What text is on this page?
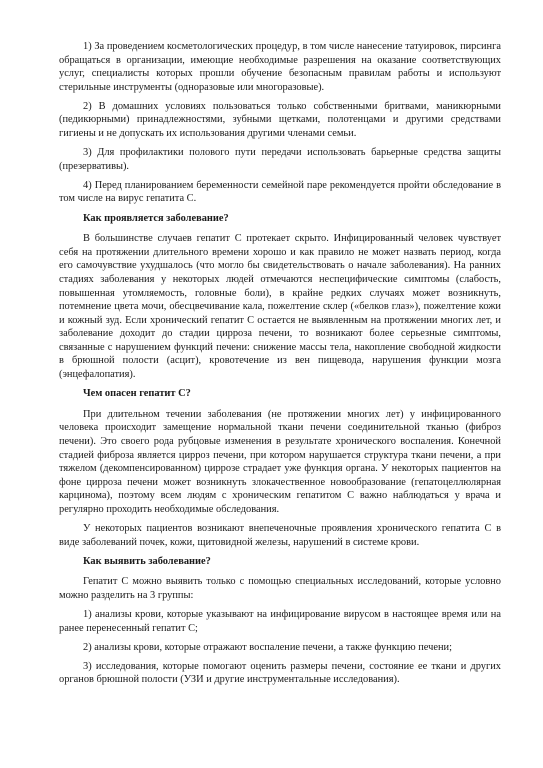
1) За проведением косметологических процедур, в том числе нанесение татуировок, пирсинга обращаться в организации, имеющие необходимые разрешения на оказание соответствующих услуг, специалисты которых прошли обучение безопасным правилам работы и используют стерильные инструменты (одноразовые или многоразовые).

2) В домашних условиях пользоваться только собственными бритвами, маникюрными (педикюрными) принадлежностями, зубными щетками, полотенцами и другими средствами гигиены и не допускать их использования другими членами семьи.

3) Для профилактики полового пути передачи использовать барьерные средства защиты (презервативы).

4) Перед планированием беременности семейной паре рекомендуется пройти обследование в том числе на вирус гепатита С.

Как проявляется заболевание?

В большинстве случаев гепатит С протекает скрыто. Инфицированный человек чувствует себя на протяжении длительного времени хорошо и как правило не может назвать период, когда его самочувствие ухудшалось (что могло бы свидетельствовать о начале заболевания). На ранних стадиях заболевания у некоторых людей отмечаются неспецифические симптомы (слабость, повышенная утомляемость, головные боли), в крайне редких случаях может возникнуть, потемнение цвета мочи, обесцвечивание кала, пожелтение склер («белков глаз»), пожелтение кожи и кожный зуд. Если хронический гепатит С остается не выявленным на протяжении многих лет, и заболевание доходит до стадии цирроза печени, то возникают более серьезные симптомы, связанные с нарушением функций печени: снижение массы тела, накопление свободной жидкости в брюшной полости (асцит), кровотечение из вен пищевода, нарушения функции мозга (энцефалопатия).

Чем опасен гепатит С?

При длительном течении заболевания (не протяжении многих лет) у инфицированного человека происходит замещение нормальной ткани печени соединительной тканью (фиброз печени). Это своего рода рубцовые изменения в результате хронического воспаления. Конечной стадией фиброза является цирроз печени, при котором нарушается структура ткани печени, а при тяжелом (декомпенсированном) циррозе страдает уже функция органа. У некоторых пациентов на фоне цирроза печени может возникнуть злокачественное новообразование (гепатоцеллюлярная карцинома), поэтому всем людям с хроническим гепатитом С важно наблюдаться у врача и регулярно проходить необходимые обследования.

У некоторых пациентов возникают внепеченочные проявления хронического гепатита С в виде заболеваний почек, кожи, щитовидной железы, нарушений в системе крови.

Как выявить заболевание?

Гепатит С можно выявить только с помощью специальных исследований, которые условно можно разделить на 3 группы:

1) анализы крови, которые указывают на инфицирование вирусом в настоящее время или на ранее перенесенный гепатит С;

2) анализы крови, которые отражают воспаление печени, а также функцию печени;

3) исследования, которые помогают оценить размеры печени, состояние ее ткани и других органов брюшной полости (УЗИ и другие инструментальные исследования).
